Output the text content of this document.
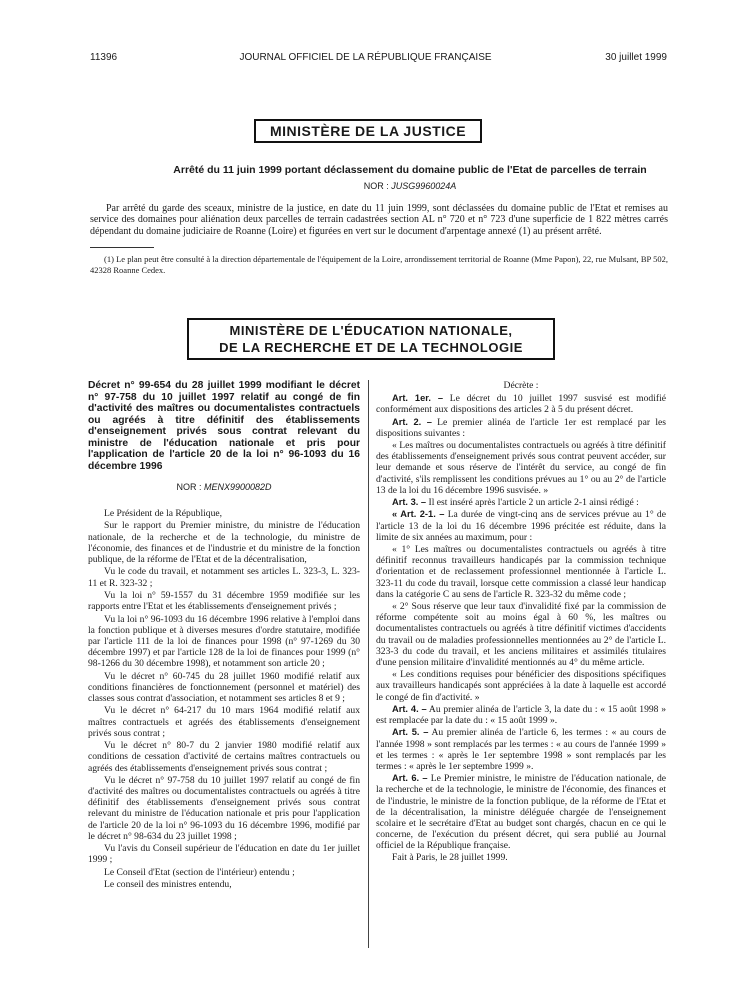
JOURNAL OFFICIEL DE LA RÉPUBLIQUE FRANÇAISE
11396	30 juillet 1999
MINISTÈRE DE LA JUSTICE
Arrêté du 11 juin 1999 portant déclassement du domaine public de l'Etat de parcelles de terrain
NOR : JUSG9960024A

Par arrêté du garde des sceaux, ministre de la justice, en date du 11 juin 1999, sont déclassées du domaine public de l'Etat et remises au service des domaines pour aliénation deux parcelles de terrain cadastrées section AL n° 720 et n° 723 d'une superficie de 1 822 mètres carrés dépendant du domaine judiciaire de Roanne (Loire) et figurées en vert sur le document d'arpentage annexé (1) au présent arrêté.

(1) Le plan peut être consulté à la direction départementale de l'équipement de la Loire, arrondissement territorial de Roanne (Mme Papon), 22, rue Mulsant, BP 502, 42328 Roanne Cedex.

MINISTÈRE DE L'ÉDUCATION NATIONALE,
DE LA RECHERCHE ET DE LA TECHNOLOGIE

Décret n° 99-654 du 28 juillet 1999 modifiant le décret n° 97-758 du 10 juillet 1997 relatif au congé de fin d'activité des maîtres ou documentalistes contractuels ou agréés à titre définitif des établissements d'enseignement privés sous contrat relevant du ministre de l'éducation nationale et pris pour l'application de l'article 20 de la loi n° 96-1093 du 16 décembre 1996

NOR : MENX9900082D

Le Président de la République,

Sur le rapport du Premier ministre, du ministre de l'éducation nationale, de la recherche et de la technologie, du ministre de l'économie, des finances et de l'industrie et du ministre de la fonction publique, de la réforme de l'Etat et de la décentralisation,

Vu le code du travail, et notamment ses articles L. 323-3, L. 323-11 et R. 323-32 ;

Vu la loi n° 59-1557 du 31 décembre 1959 modifiée sur les rapports entre l'Etat et les établissements d'enseignement privés ;

Vu la loi n° 96-1093 du 16 décembre 1996 relative à l'emploi dans la fonction publique et à diverses mesures d'ordre statutaire, modifiée par l'article 111 de la loi de finances pour 1998 (n° 97-1269 du 30 décembre 1997) et par l'article 128 de la loi de finances pour 1999 (n° 98-1266 du 30 décembre 1998), et notamment son article 20 ;

Vu le décret n° 60-745 du 28 juillet 1960 modifié relatif aux conditions financières de fonctionnement (personnel et matériel) des classes sous contrat d'association, et notamment ses articles 8 et 9 ;

Vu le décret n° 64-217 du 10 mars 1964 modifié relatif aux maîtres contractuels et agréés des établissements d'enseignement privés sous contrat ;

Vu le décret n° 80-7 du 2 janvier 1980 modifié relatif aux conditions de cessation d'activité de certains maîtres contractuels ou agréés des établissements d'enseignement privés sous contrat ;

Vu le décret n° 97-758 du 10 juillet 1997 relatif au congé de fin d'activité des maîtres ou documentalistes contractuels ou agréés à titre définitif des établissements d'enseignement privés sous contrat relevant du ministre de l'éducation nationale et pris pour l'application de l'article 20 de la loi n° 96-1093 du 16 décembre 1996, modifié par le décret n° 98-634 du 23 juillet 1998 ;

Vu l'avis du Conseil supérieur de l'éducation en date du 1er juillet 1999 ;

Le Conseil d'Etat (section de l'intérieur) entendu ;

Le conseil des ministres entendu,

Décrète :

Art. 1er. – Le décret du 10 juillet 1997 susvisé est modifié conformément aux dispositions des articles 2 à 5 du présent décret.

Art. 2. – Le premier alinéa de l'article 1er est remplacé par les dispositions suivantes :

« Les maîtres ou documentalistes contractuels ou agréés à titre définitif des établissements d'enseignement privés sous contrat peuvent accéder, sur leur demande et sous réserve de l'intérêt du service, au congé de fin d'activité, s'ils remplissent les conditions prévues au 1° ou au 2° de l'article 13 de la loi du 16 décembre 1996 susvisée. »

Art. 3. – Il est inséré après l'article 2 un article 2-1 ainsi rédigé :

« Art. 2-1. – La durée de vingt-cinq ans de services prévue au 1° de l'article 13 de la loi du 16 décembre 1996 précitée est réduite, dans la limite de six années au maximum, pour :

« 1° Les maîtres ou documentalistes contractuels ou agréés à titre définitif reconnus travailleurs handicapés par la commission technique d'orientation et de reclassement professionnel mentionnée à l'article L. 323-11 du code du travail, lorsque cette commission a classé leur handicap dans la catégorie C au sens de l'article R. 323-32 du même code ;

« 2° Sous réserve que leur taux d'invalidité fixé par la commission de réforme compétente soit au moins égal à 60 %, les maîtres ou documentalistes contractuels ou agréés à titre définitif victimes d'accidents du travail ou de maladies professionnelles mentionnées au 2° de l'article L. 323-3 du code du travail, et les anciens militaires et assimilés titulaires d'une pension militaire d'invalidité mentionnés au 4° du même article.

« Les conditions requises pour bénéficier des dispositions spécifiques aux travailleurs handicapés sont appréciées à la date à laquelle est accordé le congé de fin d'activité. »

Art. 4. – Au premier alinéa de l'article 3, la date du : « 15 août 1998 » est remplacée par la date du : « 15 août 1999 ».

Art. 5. – Au premier alinéa de l'article 6, les termes : « au cours de l'année 1998 » sont remplacés par les termes : « au cours de l'année 1999 » et les termes : « après le 1er septembre 1998 » sont remplacés par les termes : « après le 1er septembre 1999 ».

Art. 6. – Le Premier ministre, le ministre de l'éducation nationale, de la recherche et de la technologie, le ministre de l'économie, des finances et de l'industrie, le ministre de la fonction publique, de la réforme de l'Etat et de la décentralisation, la ministre déléguée chargée de l'enseignement scolaire et le secrétaire d'Etat au budget sont chargés, chacun en ce qui le concerne, de l'exécution du présent décret, qui sera publié au Journal officiel de la République française.

Fait à Paris, le 28 juillet 1999.
